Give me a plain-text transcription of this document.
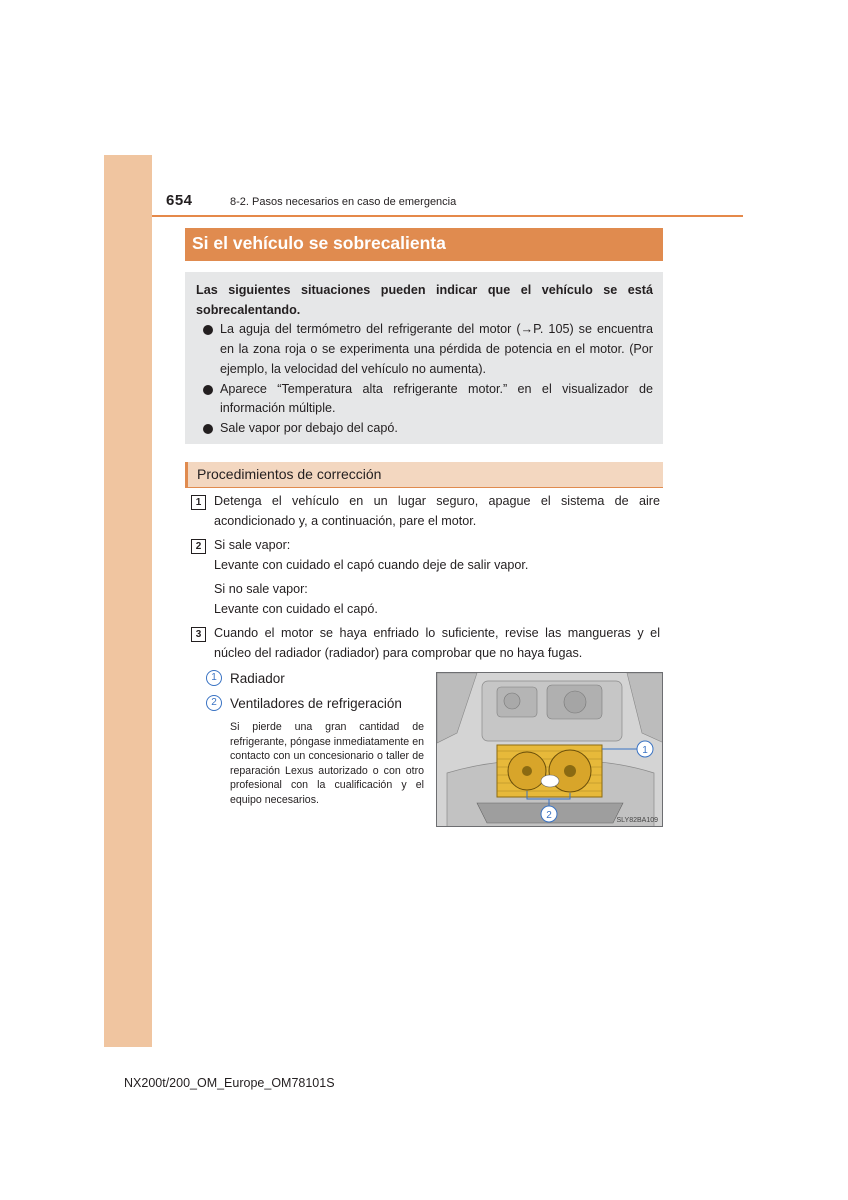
654	8-2. Pasos necesarios en caso de emergencia
Si el vehículo se sobrecalienta

Las siguientes situaciones pueden indicar que el vehículo se está sobrecalentando.

La aguja del termómetro del refrigerante del motor (→P. 105) se encuentra en la zona roja o se experimenta una pérdida de potencia en el motor. (Por ejemplo, la velocidad del vehículo no aumenta).
Aparece “Temperatura alta refrigerante motor.” en el visualizador de información múltiple.
Sale vapor por debajo del capó.
Procedimientos de corrección
1	Detenga el vehículo en un lugar seguro, apague el sistema de aire acondicionado y, a continuación, pare el motor.

2	Si sale vapor:
Levante con cuidado el capó cuando deje de salir vapor.
Si no sale vapor:
Levante con cuidado el capó.
3	Cuando el motor se haya enfriado lo suficiente, revise las mangueras y el núcleo del radiador (radiador) para comprobar que no haya fugas.

1 Radiador
2 Ventiladores de refrigeración
Si pierde una gran cantidad de refrigerante, póngase inmediatamente en contacto con un concesionario o taller de reparación Lexus autorizado o con otro profesional con la cualificación y el equipo necesarios.
1
2	SLY82BA109
NX200t/200_OM_Europe_OM78101S
